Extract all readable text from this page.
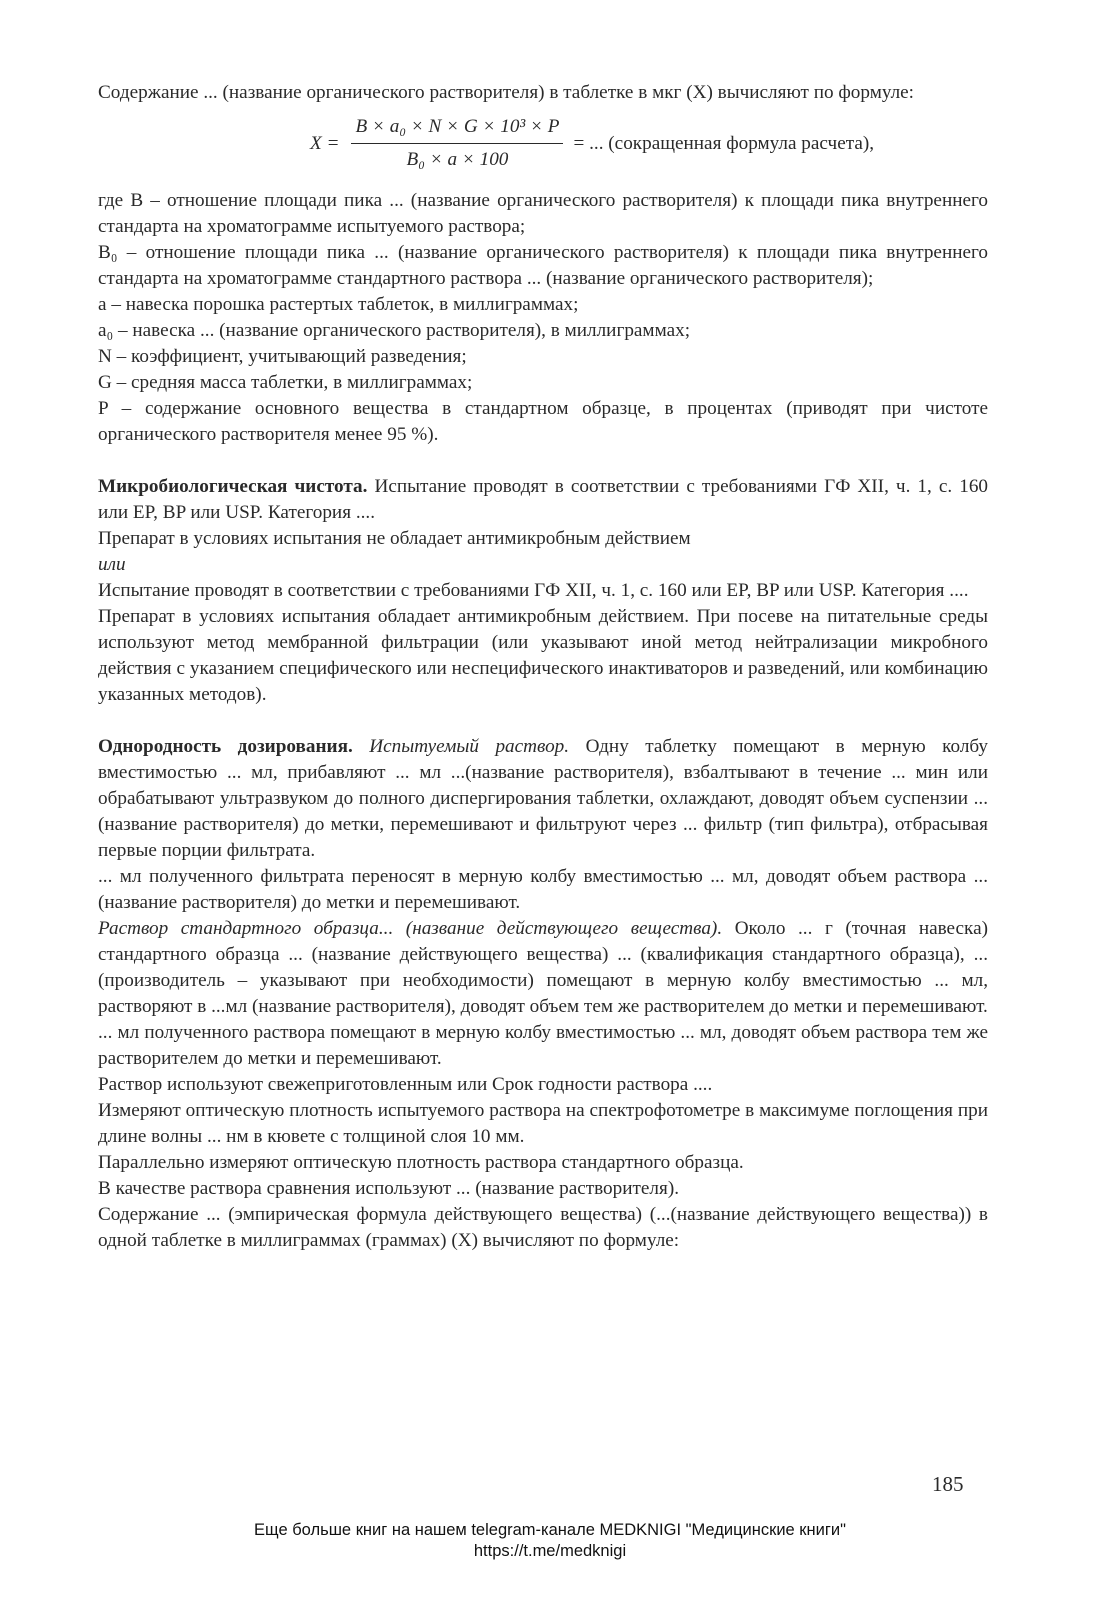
Содержание ... (название органического растворителя) в таблетке в мкг (X) вычисляют по формуле:

$X = \frac{\text{B × a₀ × N × G × 10³ × P}}{\text{B₀ × a × 100}}$ = ... (сокращенная формула расчета),

где B – отношение площади пика ... (название органического растворителя) к площади пика внутреннего стандарта на хроматограмме испытуемого раствора;

B₀ – отношение площади пика ... (название органического растворителя) к площади пика внутреннего стандарта на хроматограмме стандартного раствора ... (название органического растворителя);

a – навеска порошка растертых таблеток, в миллиграммах;

a₀ – навеска ... (название органического растворителя), в миллиграммах;

N – коэффициент, учитывающий разведения;

G – средняя масса таблетки, в миллиграммах;

P – содержание основного вещества в стандартном образце, в процентах (приводят при чистоте органического растворителя менее 95 %).

Микробиологическая чистота. Испытание проводят в соответствии с требованиями ГФ XII, ч. 1, с. 160 или EP, BP или USP. Категория ....

Препарат в условиях испытания не обладает антимикробным действием

или

Испытание проводят в соответствии с требованиями ГФ XII, ч. 1, с. 160 или EP, BP или USP. Категория ....

Препарат в условиях испытания обладает антимикробным действием. При посеве на питательные среды используют метод мембранной фильтрации (или указывают иной метод нейтрализации микробного действия с указанием специфического или неспецифического инактиваторов и разведений, или комбинацию указанных методов).

Однородность дозирования. Испытуемый раствор. Одну таблетку помещают в мерную колбу вместимостью ... мл, прибавляют ... мл ...(название растворителя), взбалтывают в течение ... мин или обрабатывают ультразвуком до полного диспергирования таблетки, охлаждают, доводят объем суспензии ... (название растворителя) до метки, перемешивают и фильтруют через ... фильтр (тип фильтра), отбрасывая первые порции фильтрата.

... мл полученного фильтрата переносят в мерную колбу вместимостью ... мл, доводят объем раствора ... (название растворителя) до метки и перемешивают.

Раствор стандартного образца... (название действующего вещества). Около ... г (точная навеска) стандартного образца ... (название действующего вещества) ... (квалификация стандартного образца), ... (производитель – указывают при необходимости) помещают в мерную колбу вместимостью ... мл, растворяют в ...мл (название растворителя), доводят объем тем же растворителем до метки и перемешивают.

... мл полученного раствора помещают в мерную колбу вместимостью ... мл, доводят объем раствора тем же растворителем до метки и перемешивают.

Раствор используют свежеприготовленным или Срок годности раствора ....

Измеряют оптическую плотность испытуемого раствора на спектрофотометре в максимуме поглощения при длине волны ... нм в кювете с толщиной слоя 10 мм.

Параллельно измеряют оптическую плотность раствора стандартного образца.

В качестве раствора сравнения используют ... (название растворителя).

Содержание ... (эмпирическая формула действующего вещества) (...(название действующего вещества)) в одной таблетке в миллиграммах (граммах) (X) вычисляют по формуле:

185
Еще больше книг на нашем telegram-канале MEDKNIGI "Медицинские книги"
https://t.me/medknigi
